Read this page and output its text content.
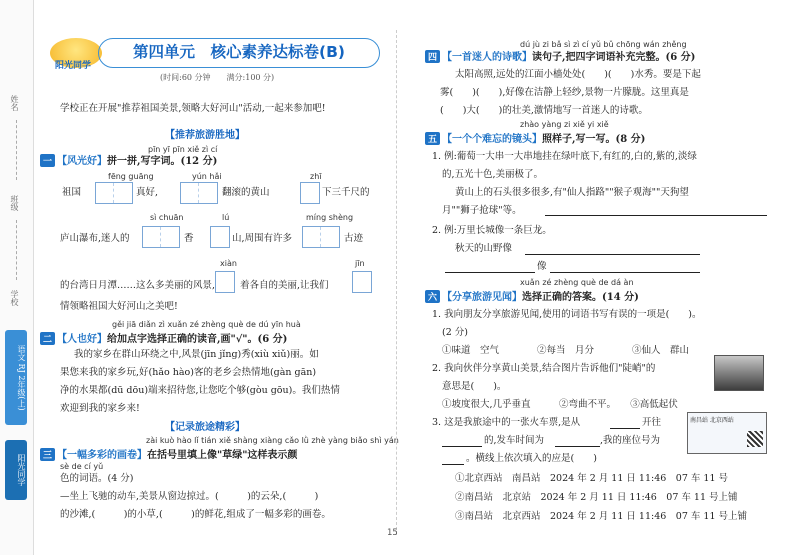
姓名
班级
学校
语文 RJ 2年级(上)
阳光同学
阳光同学
第四单元　核心素养达标卷(B)
(时间:60 分钟　　满分:100 分)
学校正在开展"推荐祖国美景,领略大好河山"活动,一起来参加吧!
【推荐旅游胜地】
pīn yī pīn xiě zì cí
一 【风光好】拼一拼,写字词。(12 分)
fēng guāng	yún hǎi	zhī
祖国	真好,	翻滚的黄山	下三千尺的
sì chuān	lú	míng shèng
庐山瀑布,迷人的	香	山,周围有许多	古迹
xiàn	jīn
的台湾日月潭……这么多美丽的风景,	着各自的美丽,让我们
情领略祖国大好河山之美吧!
gěi jiā diǎn zì xuǎn zé zhèng què de dú yīn huà
二 【人也好】给加点字选择正确的读音,画"√"。(6 分)
我的家乡在群山环绕之中,风景(jīn jǐng)秀(xiù xiǔ)丽。如
果您来我的家乡玩,好(hǎo hào)客的老乡会热情地(gàn gān)
净的水果都(dū dōu)端来招待您,让您吃个够(gòu gōu)。我们热情
欢迎到我的家乡来!
【记录旅途精彩】
zài kuò hào lǐ tián xiě shàng xiàng cǎo lǜ zhè yàng biǎo shì yán
三 【一幅多彩的画卷】在括号里填上像"草绿"这样表示颜
sè de cí yǔ
色的词语。(4 分)
—坐上飞驰的动车,美景从窗边掠过。(　　　)的云朵,(　　　)
的沙滩,(　　　)的小草,(　　　)的鲜花,组成了一幅多彩的画卷。
dú jù zi bǎ sì zì cí yǔ bǔ chōng wán zhěng
四 【一首迷人的诗歌】读句子,把四字词语补充完整。(6 分)
太阳高照,远处的江面小樯处处(　　)(　　)水秀。要是下起
雾(　　)(　　),好像在洁静上轻纱,景物一片朦胧。这里真是
(　　)大(　　)的壮美,激情地写一首迷人的诗歌。
zhào yàng zi xiě yi xiě
五 【一个个难忘的镜头】照样子,写一写。(8 分)
1. 例:葡萄一大串一大串地挂在绿叶底下,有红的,白的,紫的,淡绿
的,五光十色,美丽极了。
黄山上的石头很多很多,有"仙人指路""猴子观海""天狗望
月""狮子抢球"等。
2. 例:万里长城像一条巨龙。
秋天的山野像
像
xuǎn zé zhèng què de dá àn
六 【分享旅游见闻】选择正确的答案。(14 分)
1. 我向朋友分享旅游见闻,使用的词语书写有误的一项是(　　)。
(2 分)
①味道　空气　　　　②每当　月分　　　　③仙人　群山
2. 我向伙伴分享黄山美景,结合图片告诉他们"陡峭"的
意思是(　　)。
①坡度很大,几乎垂直　　　②弯曲不平。　　③高低起伏
3. 这是我旅途中的一张火车票,是从	开往
的,发车时间为	,我的座位号为
。横线上依次填入的应是(　　)
南昌站 北京西站
①北京西站　南昌站　2024 年 2 月 11 日 11:46　07 车 11 号
②南昌站　北京站　2024 年 2 月 11 日 11:46　07 车 11 号上铺
③南昌站　北京西站　2024 年 2 月 11 日 11:46　07 车 11 号上铺
15
